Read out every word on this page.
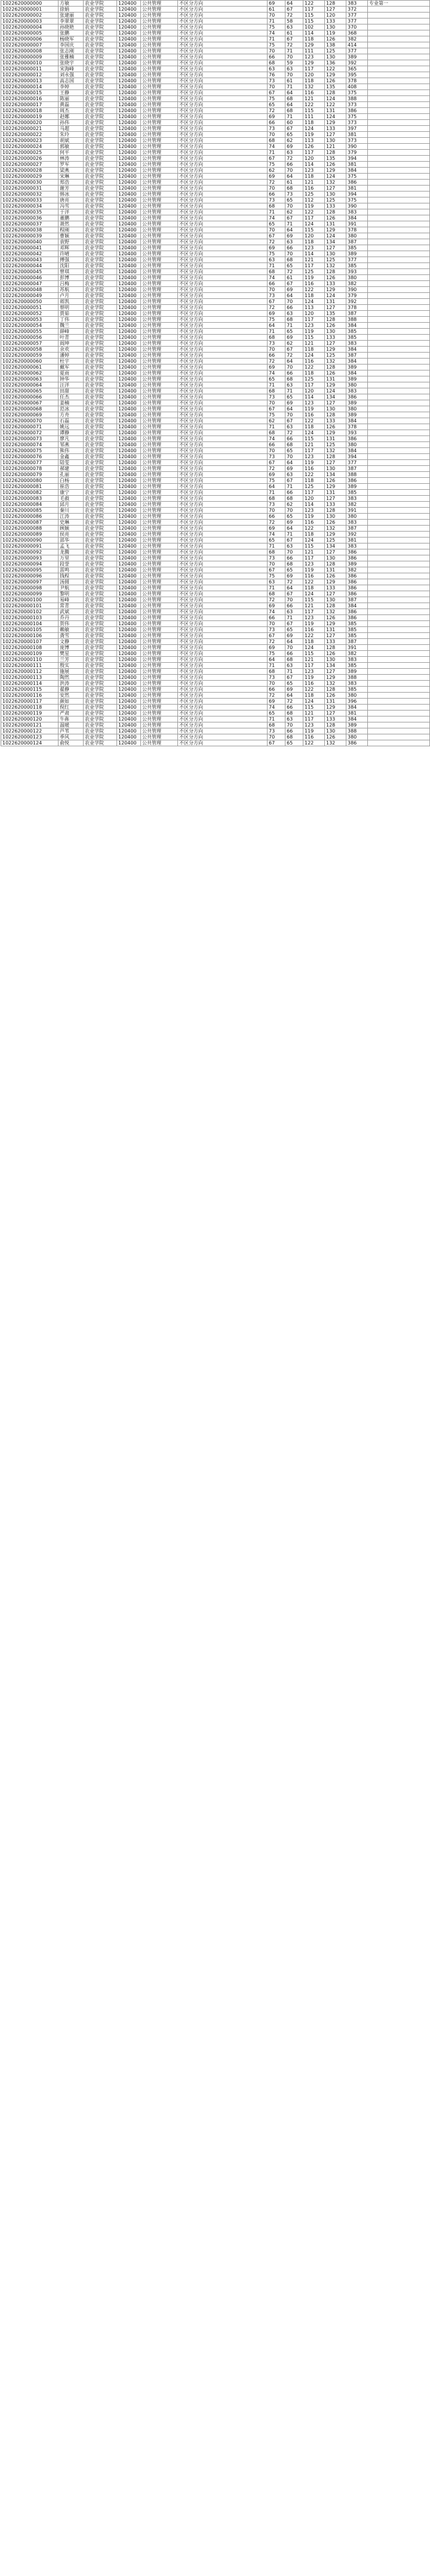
1022620000000	方敏	农业学院	120400	公共管理	不区分方向	69	64	122	128	383	专业第一
1022620000001	徐娟	农业学院	120400	公共管理	不区分方向	61	67	117	127	372	
1022620000002	张建丽	农业学院	120400	公共管理	不区分方向	70	72	115	120	377	
1022620000003	李翠翠	农业学院	120400	公共管理	不区分方向	71	58	115	133	377	
1022620000004	孙晓艳	农业学院	120400	公共管理	不区分方向	75	63	102	130	370	
1022620000005	张鹏	农业学院	120400	公共管理	不区分方向	74	61	114	119	368	
1022620000006	杨晓军	农业学院	120400	公共管理	不区分方向	71	67	118	126	382	
1022620000007	李国庆	农业学院	120400	公共管理	不区分方向	75	72	129	138	414	
1022620000008	张志刚	农业学院	120400	公共管理	不区分方向	70	71	111	125	377	
1022620000009	张雅楠	农业学院	120400	公共管理	不区分方向	66	70	123	130	389	
1022620000010	张晓宇	农业学院	120400	公共管理	不区分方向	68	59	129	136	392	
1022620000011	宋海峰	农业学院	120400	公共管理	不区分方向	63	63	117	122	365	
1022620000012	刘永强	农业学院	120400	公共管理	不区分方向	76	70	120	129	395	
1022620000013	高志国	农业学院	120400	公共管理	不区分方向	73	61	118	126	378	
1022620000014	李婷	农业学院	120400	公共管理	不区分方向	70	71	132	135	408	
1022620000015	王静	农业学院	120400	公共管理	不区分方向	67	64	116	128	375	
1022620000016	陈丽	农业学院	120400	公共管理	不区分方向	75	68	121	124	388	
1022620000017	黄磊	农业学院	120400	公共管理	不区分方向	65	64	122	122	373	
1022620000018	周杰	农业学院	120400	公共管理	不区分方向	72	68	115	131	386	
1022620000019	赵娜	农业学院	120400	公共管理	不区分方向	69	71	111	124	375	
1022620000020	孙伟	农业学院	120400	公共管理	不区分方向	66	60	118	129	373	
1022620000021	马超	农业学院	120400	公共管理	不区分方向	73	67	124	133	397	
1022620000022	朱玲	农业学院	120400	公共管理	不区分方向	70	65	119	127	381	
1022620000023	胡斌	农业学院	120400	公共管理	不区分方向	68	62	113	130	373	
1022620000024	郭敏	农业学院	120400	公共管理	不区分方向	74	69	126	121	390	
1022620000025	何平	农业学院	120400	公共管理	不区分方向	71	63	117	128	379	
1022620000026	林涛	农业学院	120400	公共管理	不区分方向	67	72	120	135	394	
1022620000027	罗军	农业学院	120400	公共管理	不区分方向	75	66	114	126	381	
1022620000028	梁燕	农业学院	120400	公共管理	不区分方向	62	70	123	129	384	
1022620000029	宋琳	农业学院	120400	公共管理	不区分方向	69	64	118	124	375	
1022620000030	郑浩	农业学院	120400	公共管理	不区分方向	72	61	121	132	386	
1022620000031	谢芳	农业学院	120400	公共管理	不区分方向	70	68	116	127	381	
1022620000032	韩冰	农业学院	120400	公共管理	不区分方向	66	73	125	130	394	
1022620000033	唐亮	农业学院	120400	公共管理	不区分方向	73	65	112	125	375	
1022620000034	冯雪	农业学院	120400	公共管理	不区分方向	68	70	119	133	390	
1022620000035	于洋	农业学院	120400	公共管理	不区分方向	71	62	122	128	383	
1022620000036	董鹏	农业学院	120400	公共管理	不区分方向	74	67	117	126	384	
1022620000037	萧然	农业学院	120400	公共管理	不区分方向	65	71	124	131	391	
1022620000038	程刚	农业学院	120400	公共管理	不区分方向	70	64	115	129	378	
1022620000039	曹颖	农业学院	120400	公共管理	不区分方向	67	69	120	124	380	
1022620000040	袁野	农业学院	120400	公共管理	不区分方向	72	63	118	134	387	
1022620000041	邓辉	农业学院	120400	公共管理	不区分方向	69	66	123	127	385	
1022620000042	许晴	农业学院	120400	公共管理	不区分方向	75	70	114	130	389	
1022620000043	傅强	农业学院	120400	公共管理	不区分方向	63	68	121	125	377	
1022620000044	沈阳	农业学院	120400	公共管理	不区分方向	71	65	117	132	385	
1022620000045	曾琪	农业学院	120400	公共管理	不区分方向	68	72	125	128	393	
1022620000046	彭博	农业学院	120400	公共管理	不区分方向	74	61	119	126	380	
1022620000047	吕梅	农业学院	120400	公共管理	不区分方向	66	67	116	133	382	
1022620000048	苏航	农业学院	120400	公共管理	不区分方向	70	69	122	129	390	
1022620000049	卢月	农业学院	120400	公共管理	不区分方向	73	64	118	124	379	
1022620000050	蒋凯	农业学院	120400	公共管理	不区分方向	67	70	124	131	392	
1022620000051	蔡明	农业学院	120400	公共管理	不区分方向	72	66	113	127	378	
1022620000052	贾茹	农业学院	120400	公共管理	不区分方向	69	63	120	135	387	
1022620000053	丁伟	农业学院	120400	公共管理	不区分方向	75	68	117	128	388	
1022620000054	魏兰	农业学院	120400	公共管理	不区分方向	64	71	123	126	384	
1022620000055	薛峰	农业学院	120400	公共管理	不区分方向	71	65	119	130	385	
1022620000056	叶青	农业学院	120400	公共管理	不区分方向	68	69	115	133	385	
1022620000057	阎坤	农业学院	120400	公共管理	不区分方向	73	62	121	127	383	
1022620000058	余欢	农业学院	120400	公共管理	不区分方向	70	67	118	129	384	
1022620000059	潘婷	农业学院	120400	公共管理	不区分方向	66	72	124	125	387	
1022620000060	杜宇	农业学院	120400	公共管理	不区分方向	72	64	116	132	384	
1022620000061	戴军	农业学院	120400	公共管理	不区分方向	69	70	122	128	389	
1022620000062	夏雨	农业学院	120400	公共管理	不区分方向	74	66	118	126	384	
1022620000063	钟华	农业学院	120400	公共管理	不区分方向	65	68	125	131	389	
1022620000064	汪洋	农业学院	120400	公共管理	不区分方向	71	63	117	129	380	
1022620000065	田甜	农业学院	120400	公共管理	不区分方向	68	71	120	124	383	
1022620000066	任杰	农业学院	120400	公共管理	不区分方向	73	65	114	134	386	
1022620000067	姜楠	农业学院	120400	公共管理	不区分方向	70	69	123	127	389	
1022620000068	范冰	农业学院	120400	公共管理	不区分方向	67	64	119	130	380	
1022620000069	方舟	农业学院	120400	公共管理	不区分方向	75	70	116	128	389	
1022620000070	石磊	农业学院	120400	公共管理	不区分方向	62	67	122	133	384	
1022620000071	姚远	农业学院	120400	公共管理	不区分方向	71	63	118	126	378	
1022620000072	谭静	农业学院	120400	公共管理	不区分方向	68	72	124	129	393	
1022620000073	廖凡	农业学院	120400	公共管理	不区分方向	74	66	115	131	386	
1022620000074	邹燕	农业学院	120400	公共管理	不区分方向	66	68	121	125	380	
1022620000075	熊伟	农业学院	120400	公共管理	不区分方向	70	65	117	132	384	
1022620000076	金鑫	农业学院	120400	公共管理	不区分方向	73	70	123	128	394	
1022620000077	陆雯	农业学院	120400	公共管理	不区分方向	67	64	119	127	377	
1022620000078	郝建	农业学院	120400	公共管理	不区分方向	72	69	116	130	387	
1022620000079	孔丽	农业学院	120400	公共管理	不区分方向	69	63	122	134	388	
1022620000080	白杨	农业学院	120400	公共管理	不区分方向	75	67	118	126	386	
1022620000081	崔浩	农业学院	120400	公共管理	不区分方向	64	71	125	129	389	
1022620000082	康宁	农业学院	120400	公共管理	不区分方向	71	66	117	131	385	
1022620000083	毛毅	农业学院	120400	公共管理	不区分方向	68	68	120	127	383	
1022620000084	邱月	农业学院	120400	公共管理	不区分方向	73	62	114	133	382	
1022620000085	秦川	农业学院	120400	公共管理	不区分方向	70	70	123	128	391	
1022620000086	江涛	农业学院	120400	公共管理	不区分方向	66	65	119	130	380	
1022620000087	史琳	农业学院	120400	公共管理	不区分方向	72	69	116	126	383	
1022620000088	顾颖	农业学院	120400	公共管理	不区分方向	69	64	122	132	387	
1022620000089	侯亮	农业学院	120400	公共管理	不区分方向	74	71	118	129	392	
1022620000090	邵华	农业学院	120400	公共管理	不区分方向	65	67	124	125	381	
1022620000091	孟飞	农业学院	120400	公共管理	不区分方向	71	63	115	134	383	
1022620000092	龙腾	农业学院	120400	公共管理	不区分方向	68	70	121	127	386	
1022620000093	万里	农业学院	120400	公共管理	不区分方向	73	66	117	130	386	
1022620000094	段誉	农业学院	120400	公共管理	不区分方向	70	68	123	128	389	
1022620000095	雷鸣	农业学院	120400	公共管理	不区分方向	67	65	119	131	382	
1022620000096	钱程	农业学院	120400	公共管理	不区分方向	75	69	116	126	386	
1022620000097	汤圆	农业学院	120400	公共管理	不区分方向	63	72	122	129	386	
1022620000098	尹航	农业学院	120400	公共管理	不区分方向	71	64	118	133	386	
1022620000099	黎明	农业学院	120400	公共管理	不区分方向	68	67	124	127	386	
1022620000100	易峰	农业学院	120400	公共管理	不区分方向	72	70	115	130	387	
1022620000101	常青	农业学院	120400	公共管理	不区分方向	69	66	121	128	384	
1022620000102	武斌	农业学院	120400	公共管理	不区分方向	74	63	117	132	386	
1022620000103	乔丹	农业学院	120400	公共管理	不区分方向	66	71	123	126	386	
1022620000104	贺伟	农业学院	120400	公共管理	不区分方向	70	67	119	129	385	
1022620000105	赖敏	农业学院	120400	公共管理	不区分方向	73	65	116	131	385	
1022620000106	龚雪	农业学院	120400	公共管理	不区分方向	67	69	122	127	385	
1022620000107	文静	农业学院	120400	公共管理	不区分方向	72	64	118	133	387	
1022620000108	庞博	农业学院	120400	公共管理	不区分方向	69	70	124	128	391	
1022620000109	樊星	农业学院	120400	公共管理	不区分方向	75	66	115	126	382	
1022620000110	兰芳	农业学院	120400	公共管理	不区分方向	64	68	121	130	383	
1022620000111	殷实	农业学院	120400	公共管理	不区分方向	71	63	117	134	385	
1022620000112	施展	农业学院	120400	公共管理	不区分方向	68	71	123	127	389	
1022620000113	陶然	农业学院	120400	公共管理	不区分方向	73	67	119	129	388	
1022620000114	洪涛	农业学院	120400	公共管理	不区分方向	70	65	116	132	383	
1022620000115	翟静	农业学院	120400	公共管理	不区分方向	66	69	122	128	385	
1022620000116	安然	农业学院	120400	公共管理	不区分方向	72	64	118	126	380	
1022620000117	颜如	农业学院	120400	公共管理	不区分方向	69	72	124	131	396	
1022620000118	倪红	农业学院	120400	公共管理	不区分方向	74	66	115	129	384	
1022620000119	严肃	农业学院	120400	公共管理	不区分方向	65	68	121	127	381	
1022620000120	牛犇	农业学院	120400	公共管理	不区分方向	71	63	117	133	384	
1022620000121	温暖	农业学院	120400	公共管理	不区分方向	68	70	123	128	389	
1022620000122	芦苇	农业学院	120400	公共管理	不区分方向	73	66	119	130	388	
1022620000123	季风	农业学院	120400	公共管理	不区分方向	70	68	116	126	380	
1022620000124	俞悦	农业学院	120400	公共管理	不区分方向	67	65	122	132	386	
